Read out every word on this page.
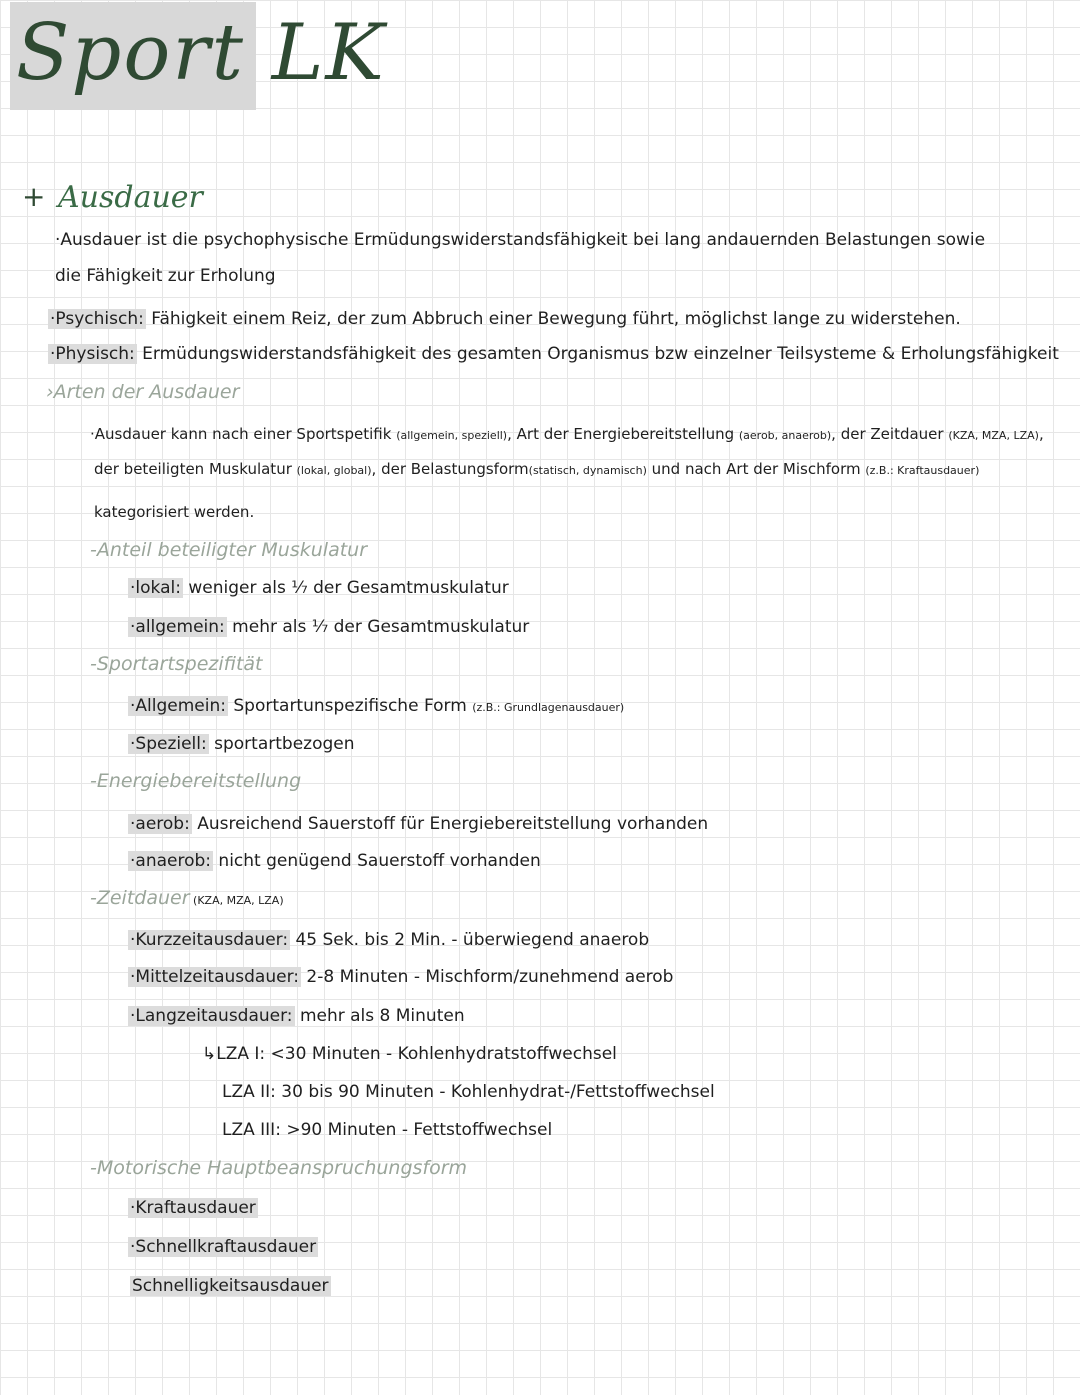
Sport LK
+ Ausdauer
·Ausdauer ist die psychophysische Ermüdungswiderstandsfähigkeit bei lang andauernden Belastungen sowie
die Fähigkeit zur Erholung
·Psychisch: Fähigkeit einem Reiz, der zum Abbruch einer Bewegung führt, möglichst lange zu widerstehen.
·Physisch: Ermüdungswiderstandsfähigkeit des gesamten Organismus bzw einzelner Teilsysteme & Erholungsfähigkeit
›Arten der Ausdauer
·Ausdauer kann nach einer Sportspetifik (allgemein, speziell), Art der Energiebereitstellung (aerob, anaerob), der Zeitdauer (KZA, MZA, LZA),
der beteiligten Muskulatur (lokal, global), der Belastungsform(statisch, dynamisch) und nach Art der Mischform (z.B.: Kraftausdauer)
kategorisiert werden.
-Anteil beteiligter Muskulatur
·lokal: weniger als ⅐ der Gesamtmuskulatur
·allgemein: mehr als ⅐ der Gesamtmuskulatur
-Sportartspezifität
·Allgemein: Sportartunspezifische Form (z.B.: Grundlagenausdauer)
·Speziell: sportartbezogen
-Energiebereitstellung
·aerob: Ausreichend Sauerstoff für Energiebereitstellung vorhanden
·anaerob: nicht genügend Sauerstoff vorhanden
-Zeitdauer (KZA, MZA, LZA)
·Kurzzeitausdauer: 45 Sek. bis 2 Min. - überwiegend anaerob
·Mittelzeitausdauer: 2-8 Minuten - Mischform/zunehmend aerob
·Langzeitausdauer: mehr als 8 Minuten
↳LZA I: <30 Minuten - Kohlenhydratstoffwechsel
LZA II: 30 bis 90 Minuten - Kohlenhydrat-/Fettstoffwechsel
LZA III: >90 Minuten - Fettstoffwechsel
-Motorische Hauptbeanspruchungsform
·Kraftausdauer
·Schnellkraftausdauer
Schnelligkeitsausdauer
